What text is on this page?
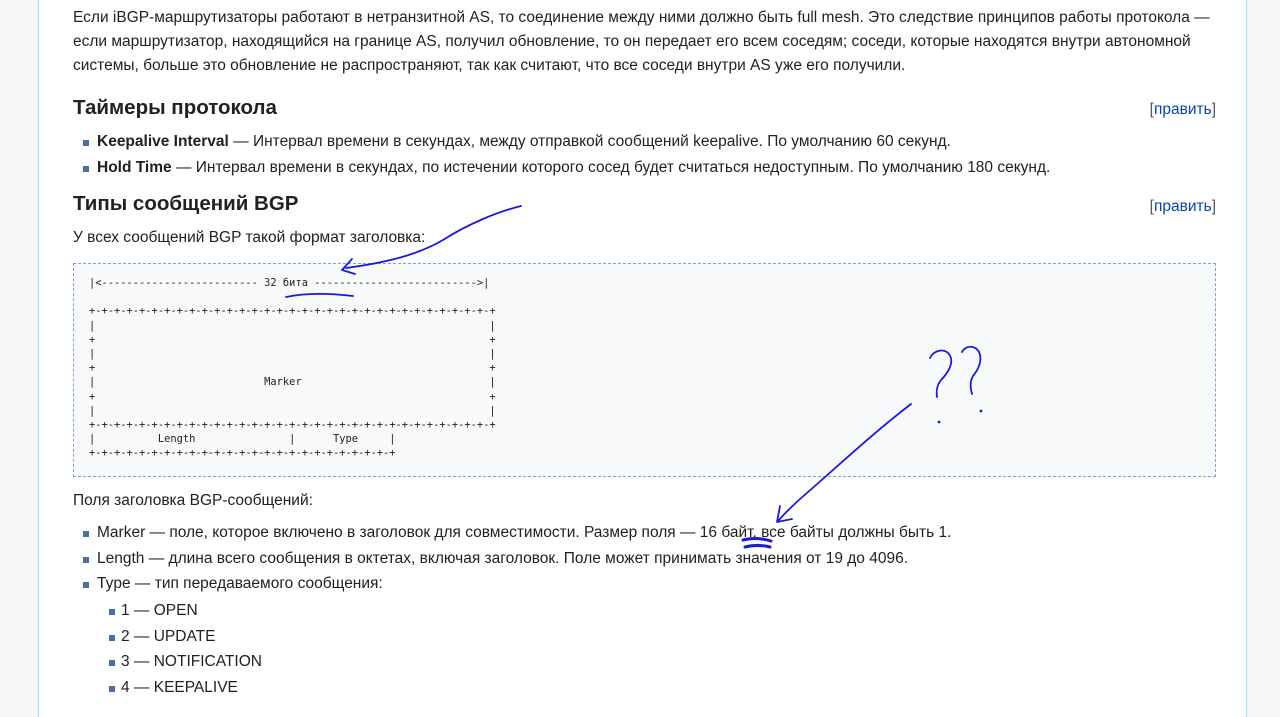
Если iBGP-маршрутизаторы работают в нетранзитной AS, то соединение между ними должно быть full mesh. Это следствие принципов работы протокола — если маршрутизатор, находящийся на границе AS, получил обновление, то он передает его всем соседям; соседи, которые находятся внутри автономной системы, больше это обновление не распространяют, так как считают, что все соседи внутри AS уже его получили.

Таймеры протокола	[править]
Keepalive Interval — Интервал времени в секундах, между отправкой сообщений keepalive. По умолчанию 60 секунд.
Hold Time — Интервал времени в секундах, по истечении которого сосед будет считаться недоступным. По умолчанию 180 секунд.
Типы сообщений BGP	[править]

У всех сообщений BGP такой формат заголовка:

|<------------------------- 32 бита -------------------------->|

+-+-+-+-+-+-+-+-+-+-+-+-+-+-+-+-+-+-+-+-+-+-+-+-+-+-+-+-+-+-+-+-+
|                                                               |
+                                                               +
|                                                               |
+                                                               +
|                           Marker                              |
+                                                               +
|                                                               |
+-+-+-+-+-+-+-+-+-+-+-+-+-+-+-+-+-+-+-+-+-+-+-+-+-+-+-+-+-+-+-+-+
|          Length               |      Type     |
+-+-+-+-+-+-+-+-+-+-+-+-+-+-+-+-+-+-+-+-+-+-+-+-+

Поля заголовка BGP-сообщений:

Marker — поле, которое включено в заголовок для совместимости. Размер поля — 16 байт, все байты должны быть 1.
Length — длина всего сообщения в октетах, включая заголовок. Поле может принимать значения от 19 до 4096.
Type — тип передаваемого сообщения:
1 — OPEN
2 — UPDATE
3 — NOTIFICATION
4 — KEEPALIVE
